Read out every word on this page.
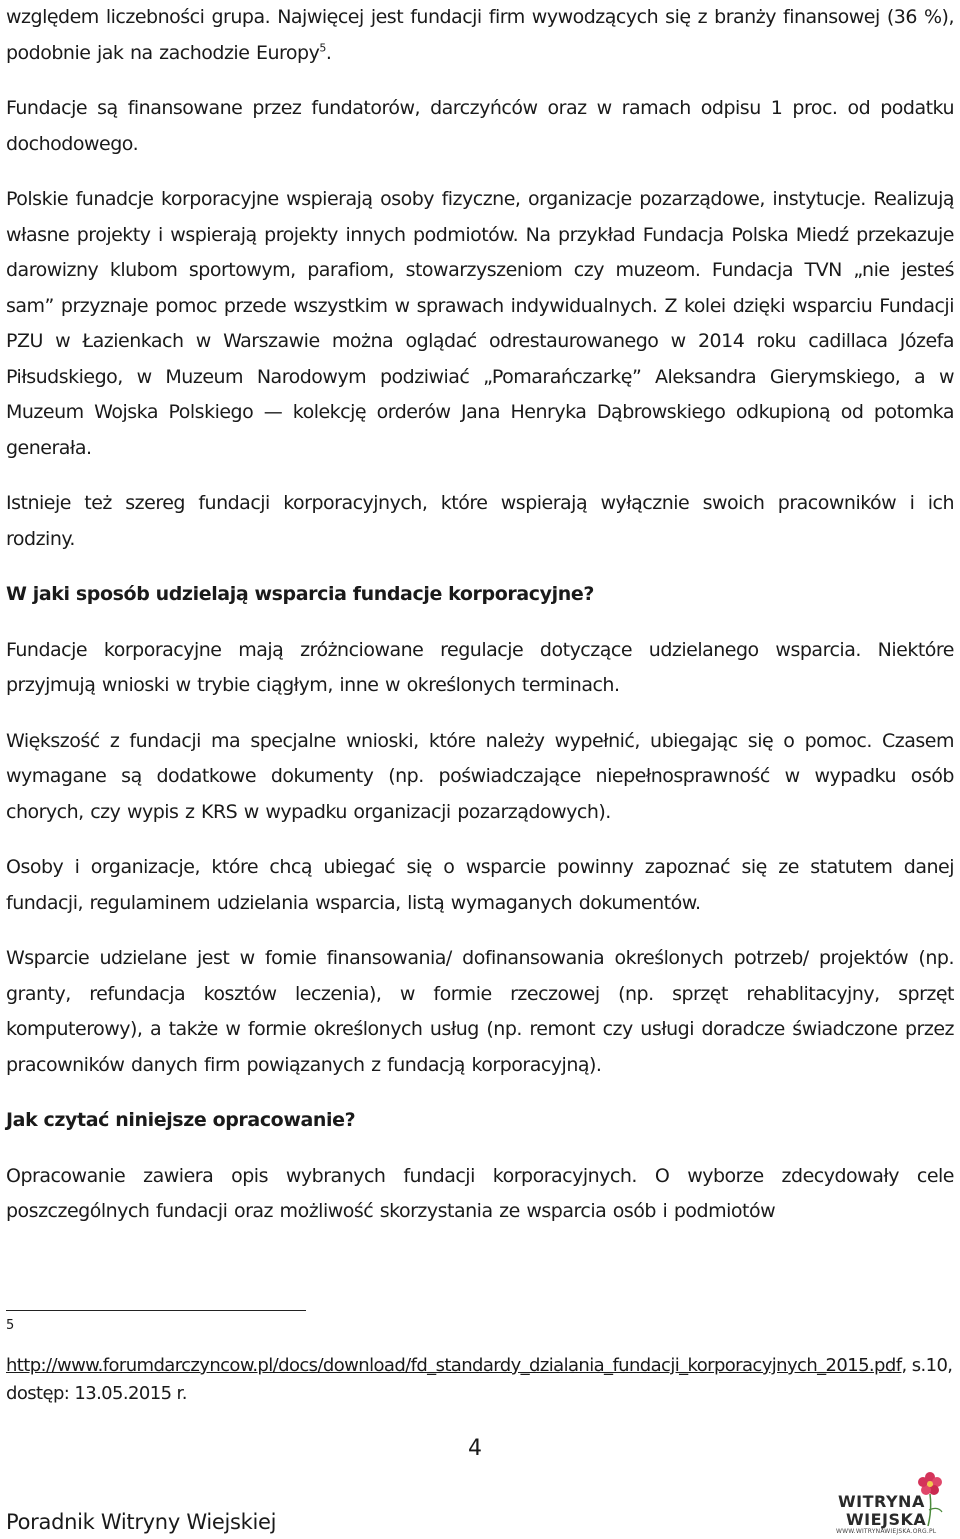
względem liczebności grupa. Najwięcej jest fundacji firm wywodzących się z branży finansowej (36 %), podobnie jak na zachodzie Europy$^5$.

Fundacje są finansowane przez fundatorów, darczyńców oraz w ramach odpisu 1 proc. od podatku dochodowego.

Polskie funadcje korporacyjne wspierają osoby fizyczne, organizacje pozarządowe, instytucje. Realizują własne projekty i wspierają projekty innych podmiotów. Na przykład Fundacja Polska Miedź przekazuje darowizny klubom sportowym, parafiom, stowarzyszeniom czy muzeom. Fundacja TVN „nie jesteś sam” przyznaje pomoc przede wszystkim w sprawach indywidualnych. Z kolei dzięki wsparciu Fundacji PZU w Łazienkach w Warszawie można oglądać odrestaurowanego w 2014 roku cadillaca Józefa Piłsudskiego, w Muzeum Narodowym podziwiać „Pomarańczarkę” Aleksandra Gierymskiego, a w Muzeum Wojska Polskiego — kolekcję orderów Jana Henryka Dąbrowskiego odkupioną od potomka generała.

Istnieje też szereg fundacji korporacyjnych, które wspierają wyłącznie swoich pracowników i ich rodziny.

W jaki sposób udzielają wsparcia fundacje korporacyjne?

Fundacje korporacyjne mają zróżnciowane regulacje dotyczące udzielanego wsparcia. Niektóre przyjmują wnioski w trybie ciągłym, inne w określonych terminach.

Większość z fundacji ma specjalne wnioski, które należy wypełnić, ubiegając się o pomoc. Czasem wymagane są dodatkowe dokumenty (np. poświadczające niepełnosprawność w wypadku osób chorych, czy wypis z KRS w wypadku organizacji pozarządowych).

Osoby i organizacje, które chcą ubiegać się o wsparcie powinny zapoznać się ze statutem danej fundacji, regulaminem udzielania wsparcia, listą wymaganych dokumentów.

Wsparcie udzielane jest w fomie finansowania/ dofinansowania określonych potrzeb/ projektów (np. granty, refundacja kosztów leczenia), w formie rzeczowej (np. sprzęt rehablitacyjny, sprzęt komputerowy), a także w formie określonych usług (np. remont czy usługi doradcze świadczone przez pracowników danych firm powiązanych z fundacją korporacyjną).

Jak czytać niniejsze opracowanie?

Opracowanie zawiera opis wybranych fundacji korporacyjnych. O wyborze zdecydowały cele poszczególnych fundacji oraz możliwość skorzystania ze wsparcia osób i podmiotów

5
http://www.forumdarczyncow.pl/docs/download/fd_standardy_dzialania_fundacji_korporacyjnych_2015.pdf, s.10, dostęp: 13.05.2015 r.
4
Poradnik Witryny Wiejskiej
WITRYNA
WIEJSKA
WWW.WITRYNAWIEJSKA.ORG.PL
